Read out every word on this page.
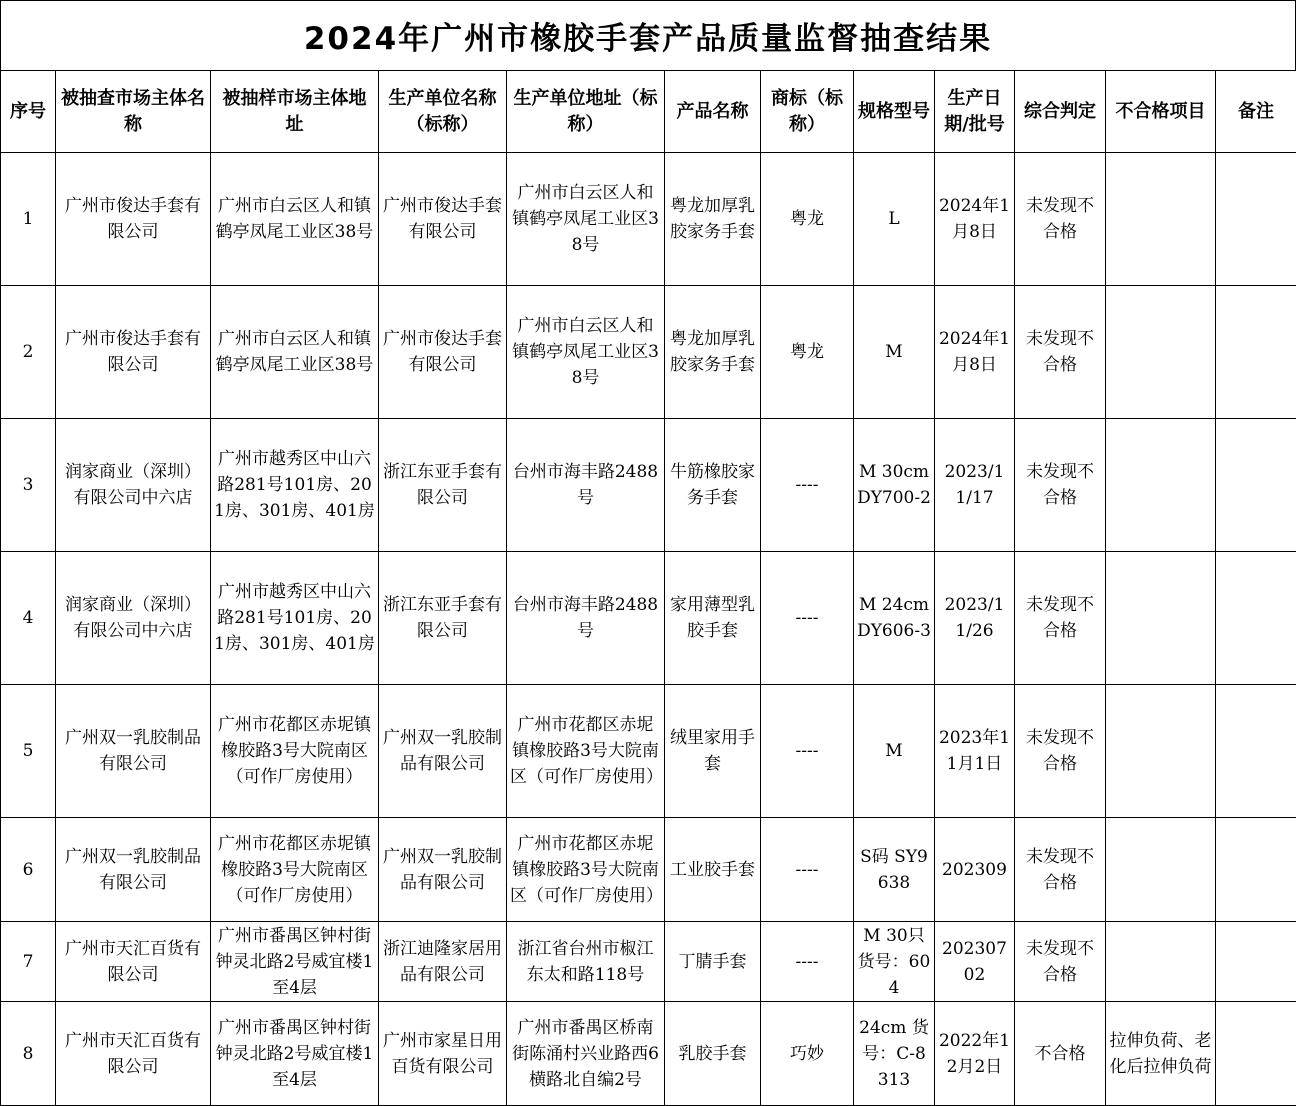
2024年广州市橡胶手套产品质量监督抽查结果
序号	被抽查市场主体名称	被抽样市场主体地址	生产单位名称（标称）	生产单位地址（标称）	产品名称	商标（标称）	规格型号	生产日期/批号	综合判定	不合格项目	备注
1	广州市俊达手套有限公司	广州市白云区人和镇鹤亭凤尾工业区38号	广州市俊达手套有限公司	广州市白云区人和镇鹤亭凤尾工业区38号	粤龙加厚乳胶家务手套	粤龙	L	2024年1月8日	未发现不合格		
2	广州市俊达手套有限公司	广州市白云区人和镇鹤亭凤尾工业区38号	广州市俊达手套有限公司	广州市白云区人和镇鹤亭凤尾工业区38号	粤龙加厚乳胶家务手套	粤龙	M	2024年1月8日	未发现不合格		
3	润家商业（深圳）有限公司中六店	广州市越秀区中山六路281号101房、201房、301房、401房	浙江东亚手套有限公司	台州市海丰路2488号	牛筋橡胶家务手套	----	M 30cm DY700-2	2023/11/17	未发现不合格		
4	润家商业（深圳）有限公司中六店	广州市越秀区中山六路281号101房、201房、301房、401房	浙江东亚手套有限公司	台州市海丰路2488号	家用薄型乳胶手套	----	M 24cm DY606-3	2023/11/26	未发现不合格		
5	广州双一乳胶制品有限公司	广州市花都区赤坭镇橡胶路3号大院南区（可作厂房使用）	广州双一乳胶制品有限公司	广州市花都区赤坭镇橡胶路3号大院南区（可作厂房使用）	绒里家用手套	----	M	2023年11月1日	未发现不合格		
6	广州双一乳胶制品有限公司	广州市花都区赤坭镇橡胶路3号大院南区（可作厂房使用）	广州双一乳胶制品有限公司	广州市花都区赤坭镇橡胶路3号大院南区（可作厂房使用）	工业胶手套	----	S码 SY9638	202309	未发现不合格		
7	广州市天汇百货有限公司	广州市番禺区钟村街钟灵北路2号威宜楼1至4层	浙江迪隆家居用品有限公司	浙江省台州市椒江东太和路118号	丁腈手套	----	M 30只 货号：604	20230702	未发现不合格		
8	广州市天汇百货有限公司	广州市番禺区钟村街钟灵北路2号威宜楼1至4层	广州市家星日用百货有限公司	广州市番禺区桥南街陈涌村兴业路西6横路北自编2号	乳胶手套	巧妙	24cm 货号：C-8313	2022年12月2日	不合格	拉伸负荷、老化后拉伸负荷	
